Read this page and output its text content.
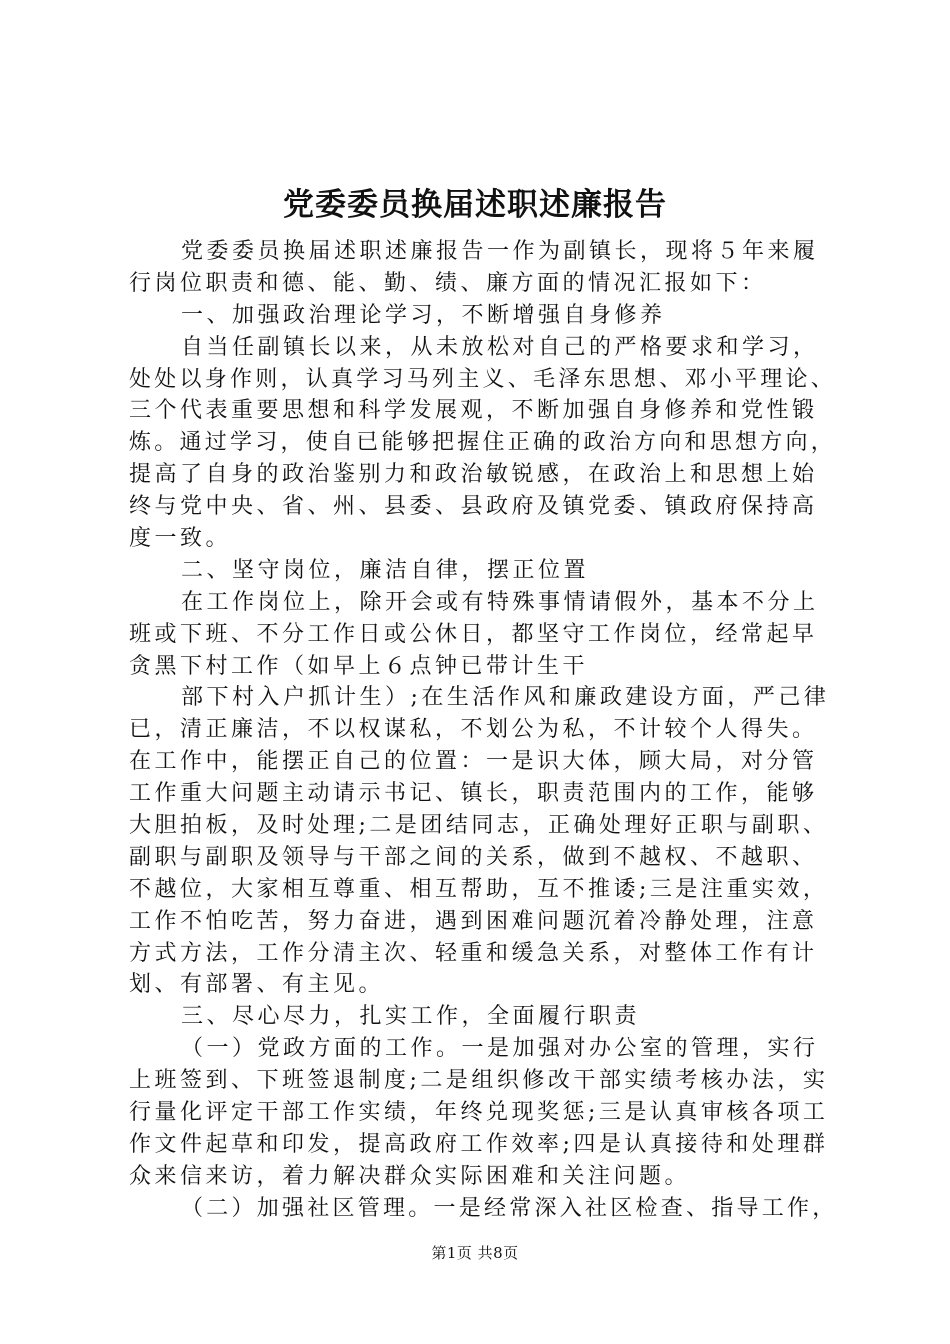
党委委员换届述职述廉报告
党委委员换届述职述廉报告一作为副镇长，现将５年来履
行岗位职责和德、能、勤、绩、廉方面的情况汇报如下：
一、加强政治理论学习，不断增强自身修养
自当任副镇长以来，从未放松对自己的严格要求和学习，
处处以身作则，认真学习马列主义、毛泽东思想、邓小平理论、
三个代表重要思想和科学发展观，不断加强自身修养和党性锻
炼。通过学习，使自已能够把握住正确的政治方向和思想方向，
提高了自身的政治鉴别力和政治敏锐感，在政治上和思想上始
终与党中央、省、州、县委、县政府及镇党委、镇政府保持高
度一致。
二、坚守岗位，廉洁自律，摆正位置
在工作岗位上，除开会或有特殊事情请假外，基本不分上
班或下班、不分工作日或公休日，都坚守工作岗位，经常起早
贪黑下村工作（如早上６点钟已带计生干
部下村入户抓计生）;在生活作风和廉政建设方面，严己律
已，清正廉洁，不以权谋私，不划公为私，不计较个人得失。
在工作中，能摆正自己的位置：一是识大体，顾大局，对分管
工作重大问题主动请示书记、镇长，职责范围内的工作，能够
大胆拍板，及时处理;二是团结同志，正确处理好正职与副职、
副职与副职及领导与干部之间的关系，做到不越权、不越职、
不越位，大家相互尊重、相互帮助，互不推诿;三是注重实效，
工作不怕吃苦，努力奋进，遇到困难问题沉着冷静处理，注意
方式方法，工作分清主次、轻重和缓急关系，对整体工作有计
划、有部署、有主见。
三、尽心尽力，扎实工作，全面履行职责
（一）党政方面的工作。一是加强对办公室的管理，实行
上班签到、下班签退制度;二是组织修改干部实绩考核办法，实
行量化评定干部工作实绩，年终兑现奖惩;三是认真审核各项工
作文件起草和印发，提高政府工作效率;四是认真接待和处理群
众来信来访，着力解决群众实际困难和关注问题。
（二）加强社区管理。一是经常深入社区检查、指导工作，
第1页 共8页
